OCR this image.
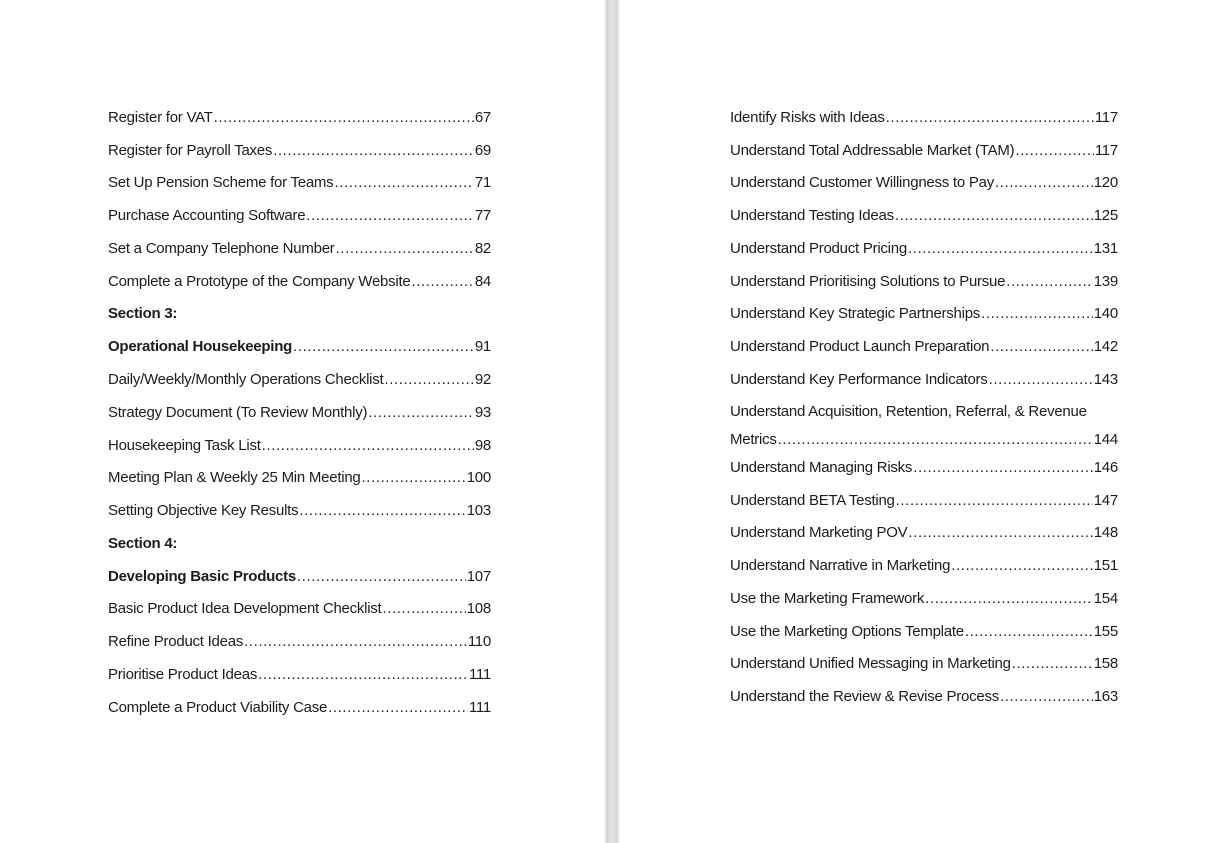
Register for VAT .....	67
Register for Payroll Taxes .....	69
Set Up Pension Scheme for Teams .....	71
Purchase Accounting Software .....	77
Set a Company Telephone Number .....	82
Complete a Prototype of the Company Website .....	84
Section 3:
Operational Housekeeping .....	91
Daily/Weekly/Monthly Operations Checklist .....	92
Strategy Document (To Review Monthly) .....	93
Housekeeping Task List .....	98
Meeting Plan & Weekly 25 Min Meeting .....	100
Setting Objective Key Results .....	103
Section 4:
Developing Basic Products .....	107
Basic Product Idea Development Checklist .....	108
Refine Product Ideas .....	110
Prioritise Product Ideas .....	111
Complete a Product Viability Case .....	111
Identify Risks with Ideas .....	117
Understand Total Addressable Market (TAM) .....	117
Understand Customer Willingness to Pay .....	120
Understand Testing Ideas .....	125
Understand Product Pricing .....	131
Understand Prioritising Solutions to Pursue .....	139
Understand Key Strategic Partnerships .....	140
Understand Product Launch Preparation .....	142
Understand Key Performance Indicators .....	143
Understand Acquisition, Retention, Referral, & Revenue
Metrics .....	144
Understand Managing Risks .....	146
Understand BETA Testing .....	147
Understand Marketing POV .....	148
Understand Narrative in Marketing .....	151
Use the Marketing Framework .....	154
Use the Marketing Options Template .....	155
Understand Unified Messaging in Marketing .....	158
Understand the Review & Revise Process .....	163
